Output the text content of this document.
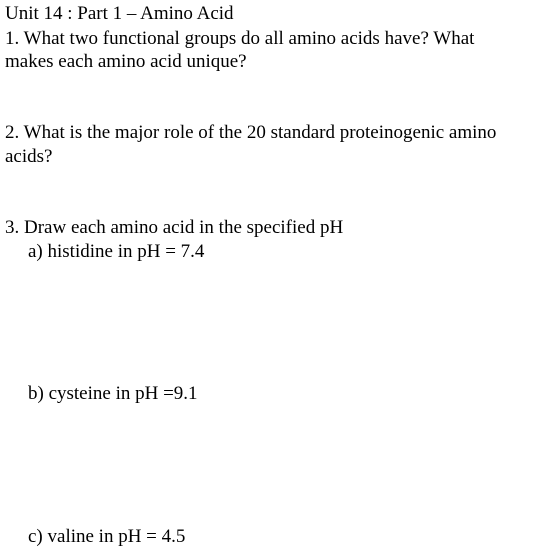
Unit 14 : Part 1 – Amino Acid
1. What two functional groups do all amino acids have? What
makes each amino acid unique?
2. What is the major role of the 20 standard proteinogenic amino
acids?
3. Draw each amino acid in the specified pH
a) histidine in pH = 7.4
b) cysteine in pH =9.1
c) valine in pH = 4.5
